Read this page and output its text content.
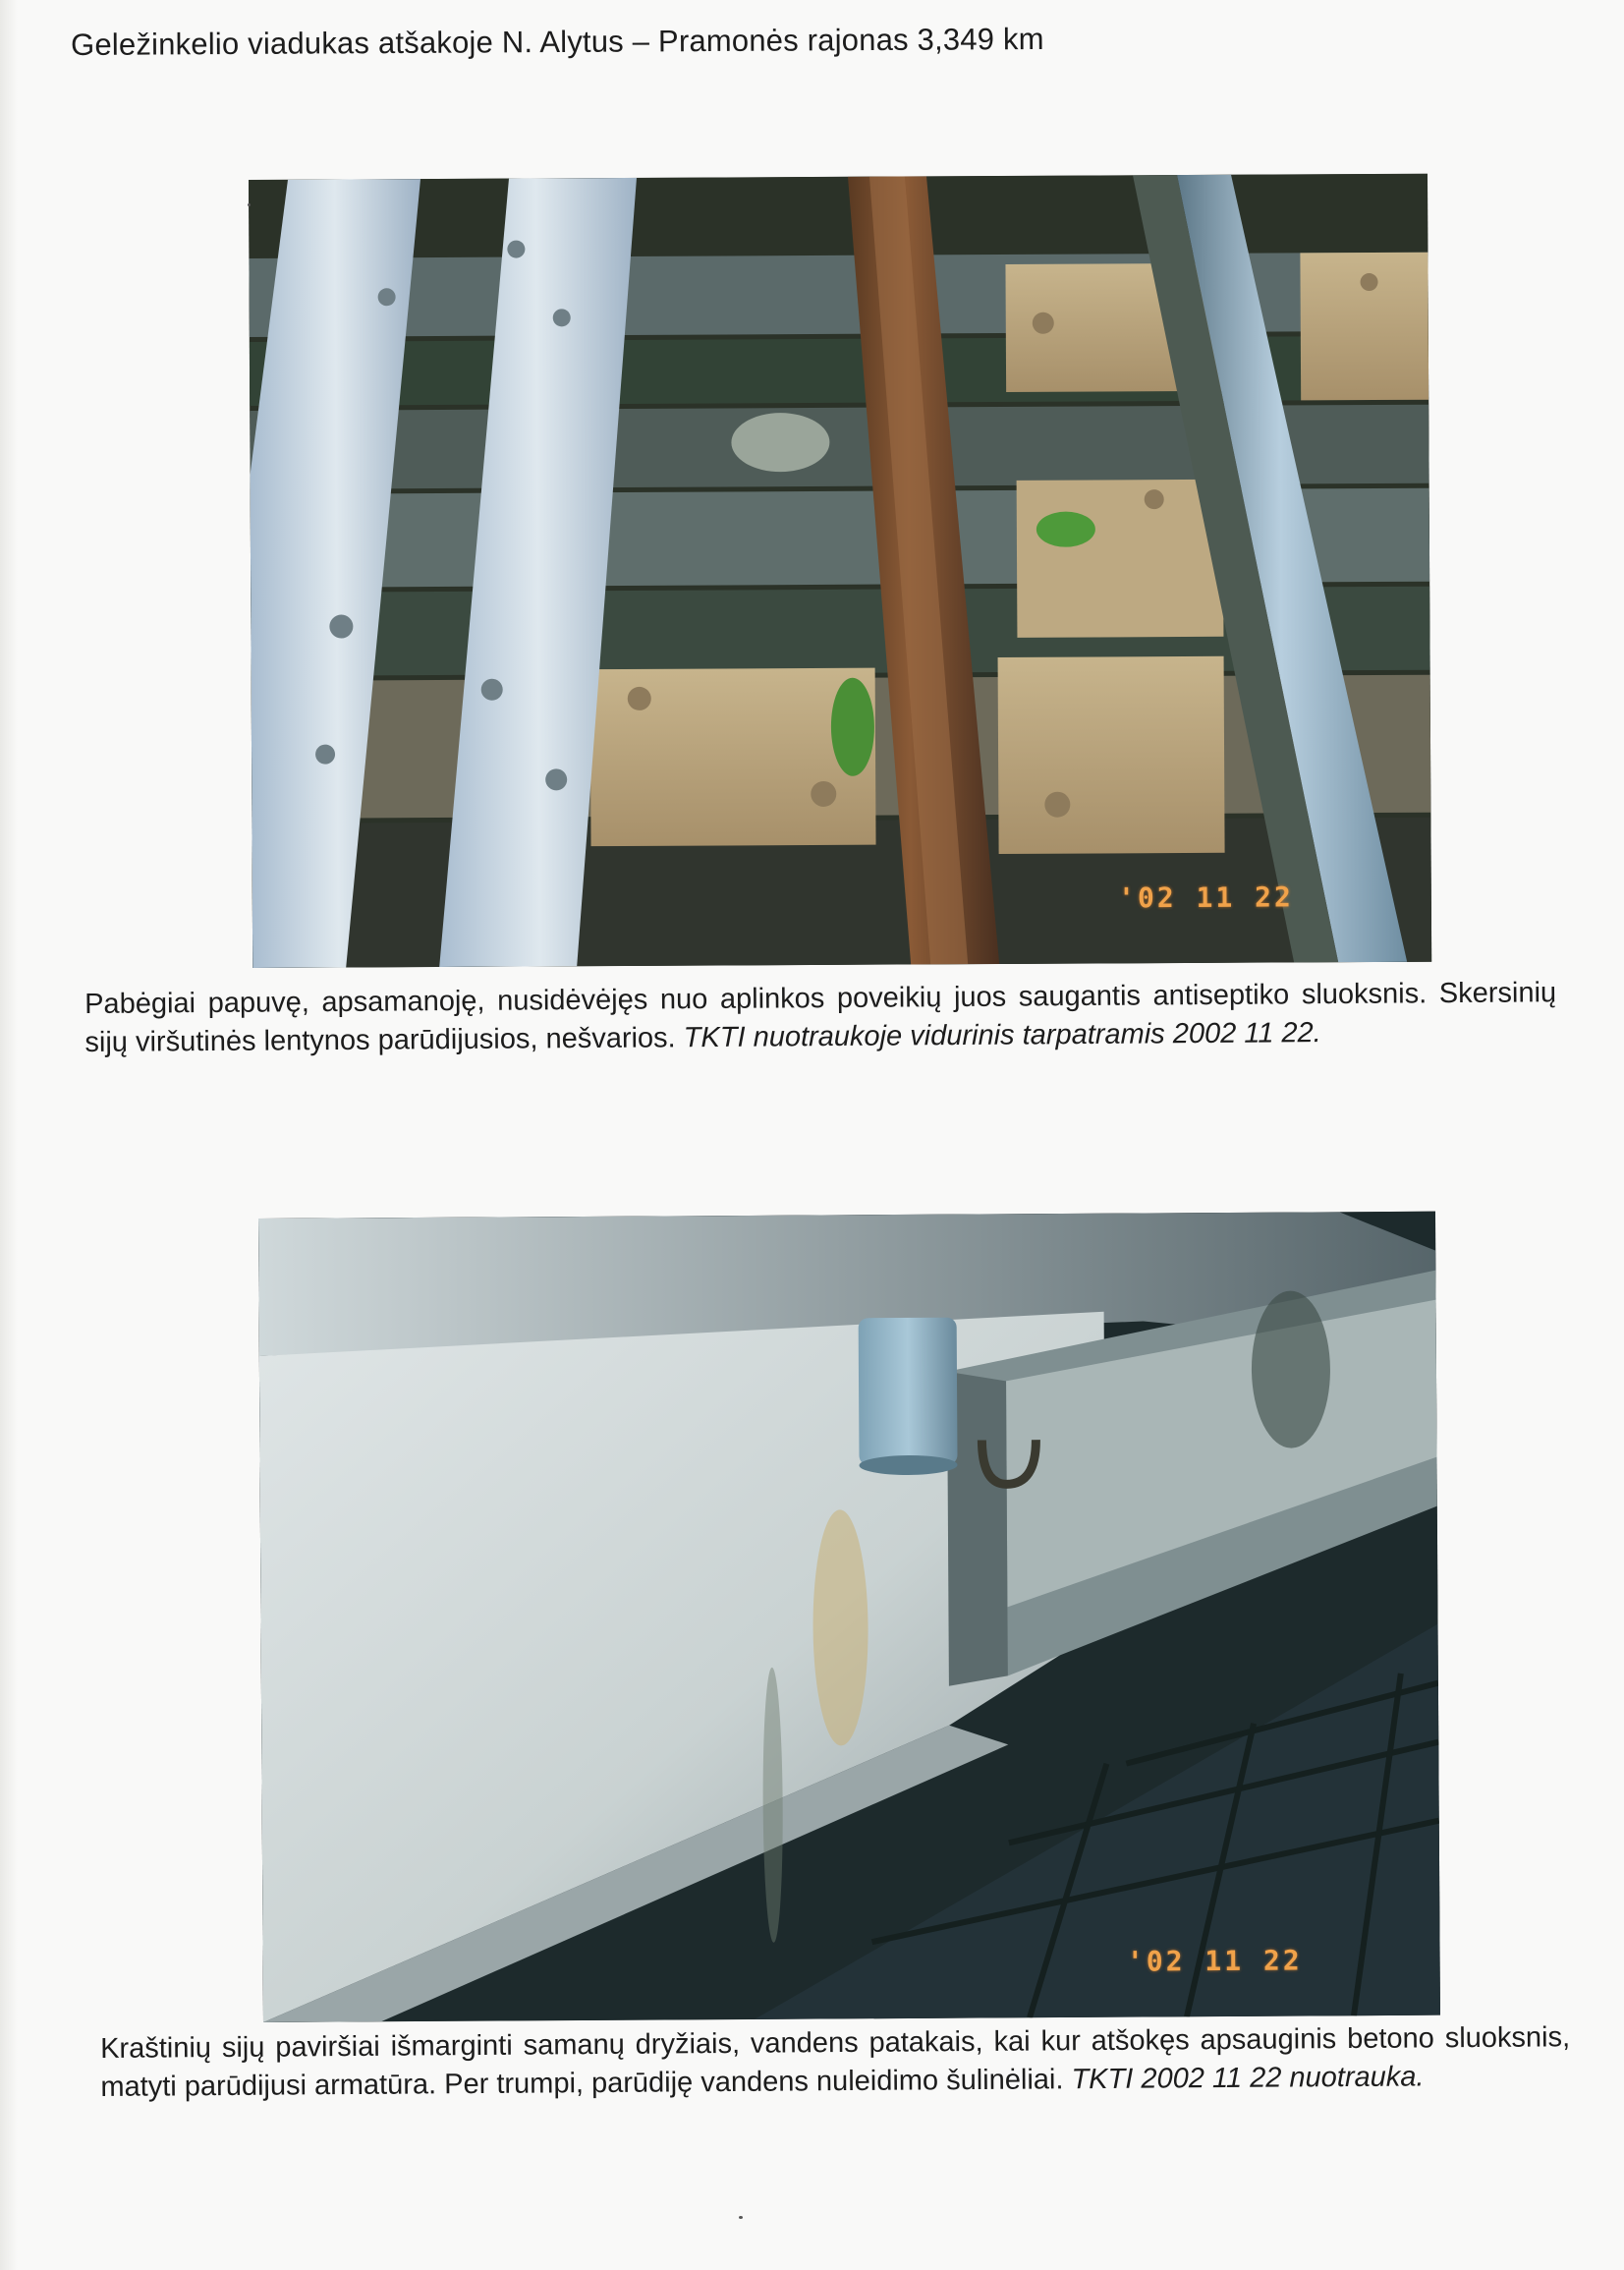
Geležinkelio viadukas atšakoje N. Alytus – Pramonės rajonas 3,349 km
'02 11 22
Pabėgiai papuvę, apsamanoję, nusidėvėjęs nuo aplinkos poveikių juos saugantis antiseptiko sluoksnis. Skersinių sijų viršutinės lentynos parūdijusios, nešvarios. TKTI nuotraukoje vidurinis tarpatramis 2002 11 22.
'02 11 22
Kraštinių sijų paviršiai išmarginti samanų dryžiais, vandens patakais, kai kur atšokęs apsauginis betono sluoksnis, matyti parūdijusi armatūra. Per trumpi, parūdiję vandens nuleidimo šulinėliai. TKTI 2002 11 22 nuotrauka.
